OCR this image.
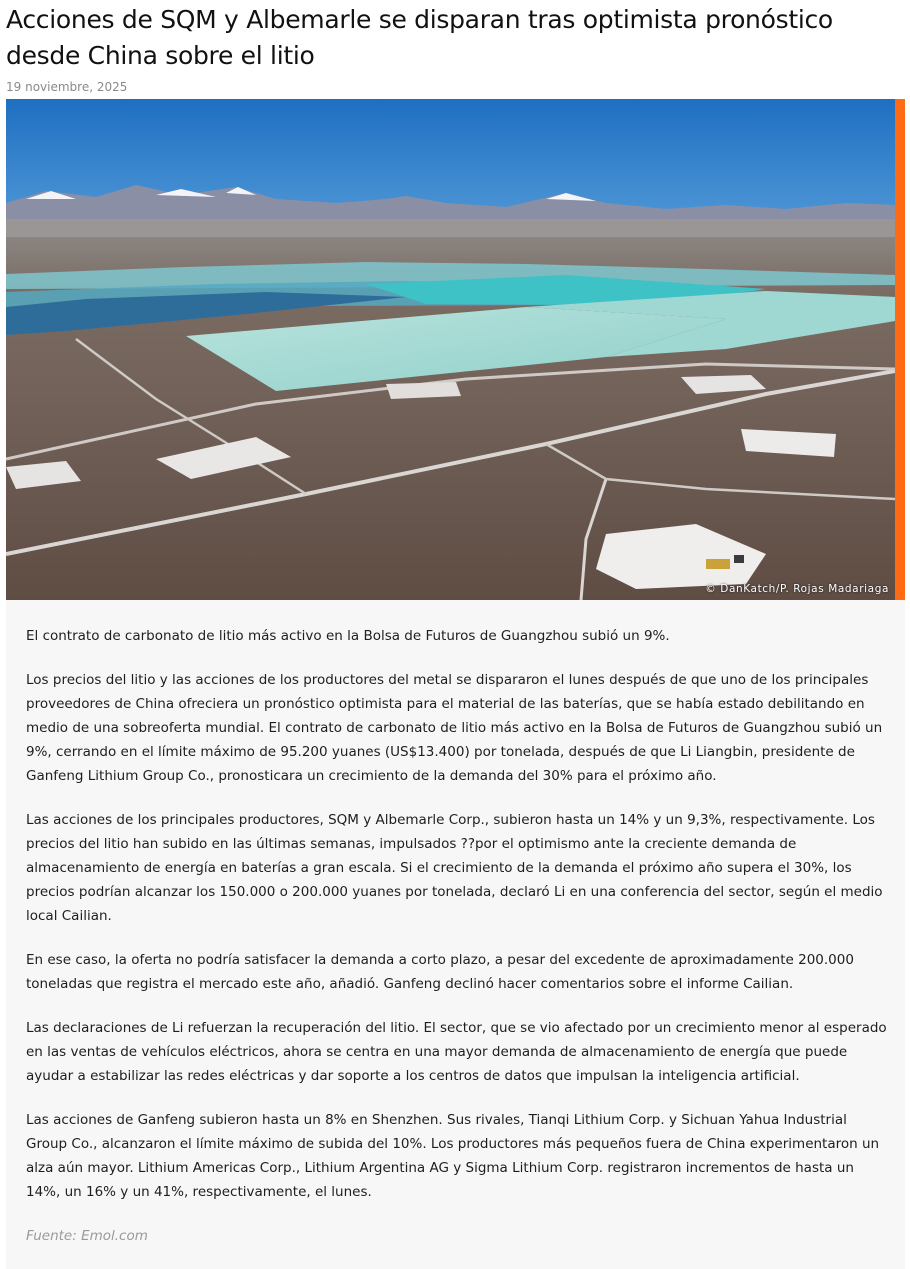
Acciones de SQM y Albemarle se disparan tras optimista pronóstico desde China sobre el litio
19 noviembre, 2025
© DanKatch/P. Rojas Madariaga

El contrato de carbonato de litio más activo en la Bolsa de Futuros de Guangzhou subió un 9%.

Los precios del litio y las acciones de los productores del metal se dispararon el lunes después de que uno de los principales proveedores de China ofreciera un pronóstico optimista para el material de las baterías, que se había estado debilitando en medio de una sobreoferta mundial. El contrato de carbonato de litio más activo en la Bolsa de Futuros de Guangzhou subió un 9%, cerrando en el límite máximo de 95.200 yuanes (US$13.400) por tonelada, después de que Li Liangbin, presidente de Ganfeng Lithium Group Co., pronosticara un crecimiento de la demanda del 30% para el próximo año.

Las acciones de los principales productores, SQM y Albemarle Corp., subieron hasta un 14% y un 9,3%, respectivamente. Los precios del litio han subido en las últimas semanas, impulsados ??por el optimismo ante la creciente demanda de almacenamiento de energía en baterías a gran escala. Si el crecimiento de la demanda el próximo año supera el 30%, los precios podrían alcanzar los 150.000 o 200.000 yuanes por tonelada, declaró Li en una conferencia del sector, según el medio local Cailian.

En ese caso, la oferta no podría satisfacer la demanda a corto plazo, a pesar del excedente de aproximadamente 200.000 toneladas que registra el mercado este año, añadió. Ganfeng declinó hacer comentarios sobre el informe Cailian.

Las declaraciones de Li refuerzan la recuperación del litio. El sector, que se vio afectado por un crecimiento menor al esperado en las ventas de vehículos eléctricos, ahora se centra en una mayor demanda de almacenamiento de energía que puede ayudar a estabilizar las redes eléctricas y dar soporte a los centros de datos que impulsan la inteligencia artificial.

Las acciones de Ganfeng subieron hasta un 8% en Shenzhen. Sus rivales, Tianqi Lithium Corp. y Sichuan Yahua Industrial Group Co., alcanzaron el límite máximo de subida del 10%. Los productores más pequeños fuera de China experimentaron un alza aún mayor. Lithium Americas Corp., Lithium Argentina AG y Sigma Lithium Corp. registraron incrementos de hasta un 14%, un 16% y un 41%, respectivamente, el lunes.

Fuente: Emol.com
